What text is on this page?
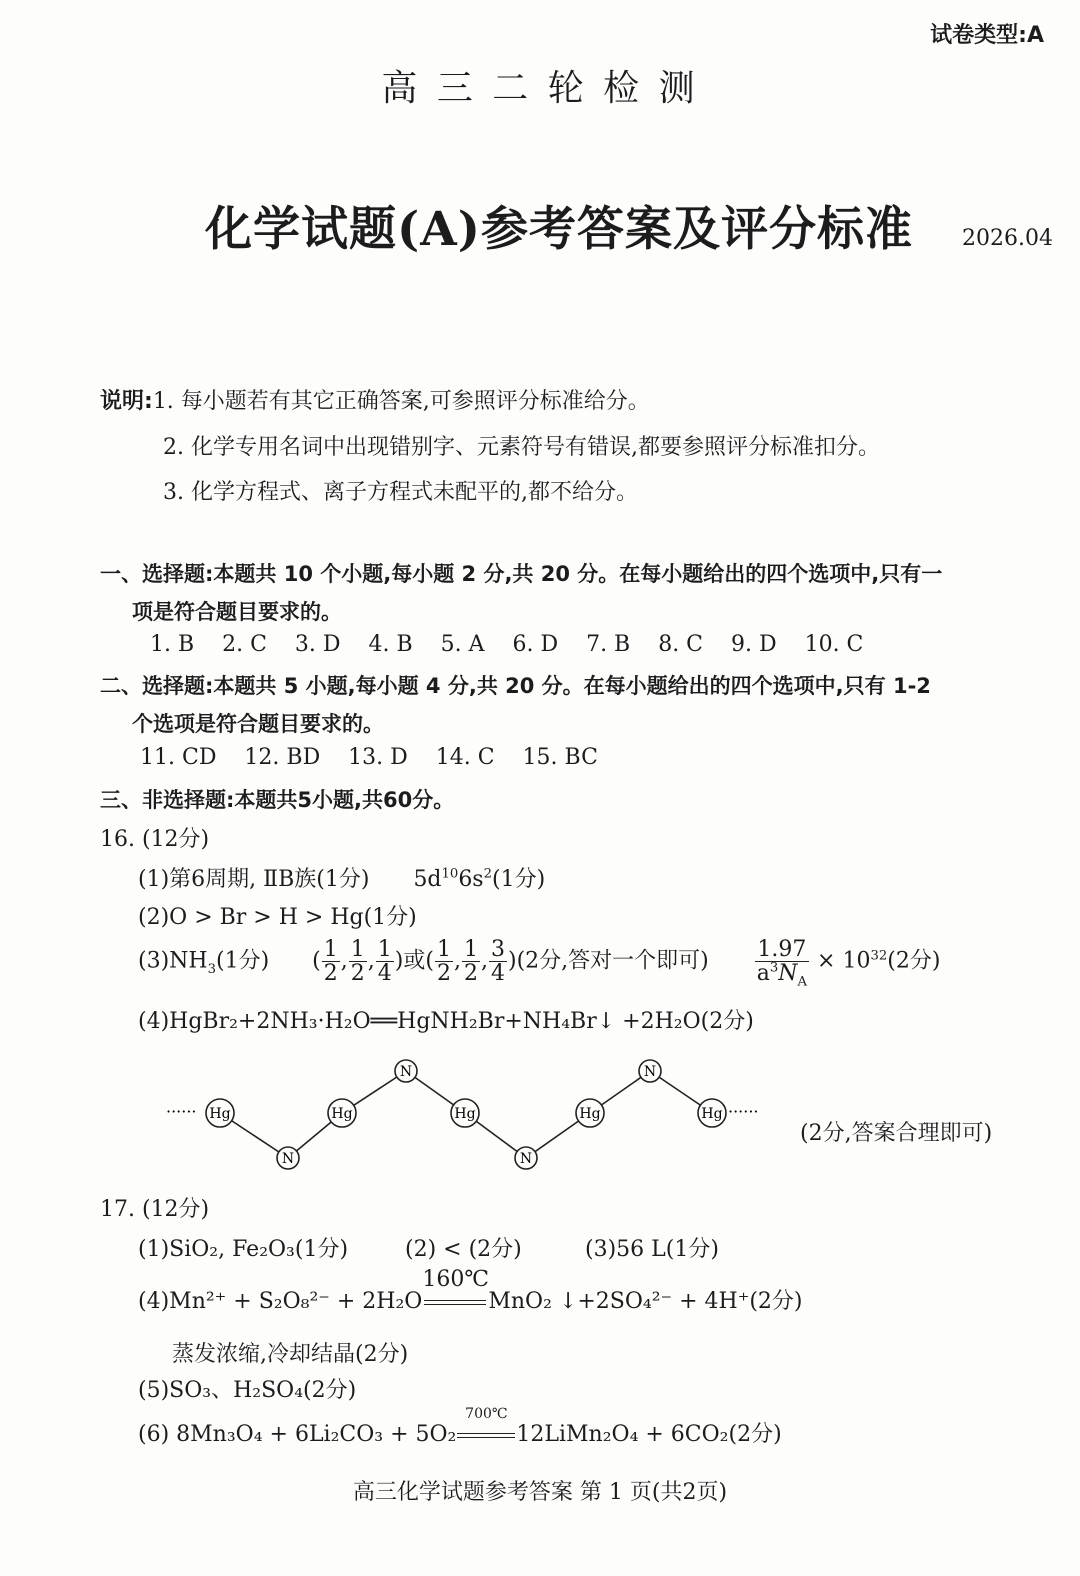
试卷类型:A
高 三 二 轮 检 测
化学试题(A)参考答案及评分标准 2026.04
说明:1. 每小题若有其它正确答案,可参照评分标准给分。
2. 化学专用名词中出现错别字、元素符号有错误,都要参照评分标准扣分。
3. 化学方程式、离子方程式未配平的,都不给分。
一、选择题:本题共 10 个小题,每小题 2 分,共 20 分。在每小题给出的四个选项中,只有一
项是符合题目要求的。
1. B    2. C    3. D    4. B    5. A    6. D    7. B    8. C    9. D    10. C
二、选择题:本题共 5 小题,每小题 4 分,共 20 分。在每小题给出的四个选项中,只有 1-2
个选项是符合题目要求的。
11. CD    12. BD    13. D    14. C    15. BC
三、非选择题:本题共5小题,共60分。
16. (12分)
(1)第6周期, ⅡB族(1分) $5d^{10}6s^2(1$分)
(2)O > Br > H > Hg(1分)
$(3)NH_3(1$分) ( $\frac{1}{2}$ , $\frac{1}{2}$ , $\frac{1}{4}$ )或( $\frac{1}{2}$ , $\frac{1}{2}$ , $\frac{3}{4} )(2$分,答对一个即可) $\frac{1.97}{a^3N_A} \times 10^{32}(2$分)
(4)HgBr₂+2NH₃·H₂O══HgNH₂Br+NH₄Br↓ +2H₂O(2分)
······	······
Hg
N
Hg
N
Hg
N
Hg
N
Hg
(2分,答案合理即可)
17. (12分)
(1)SiO₂, Fe₂O₃(1分)	(2) < (2分)	(3)56 L(1分)
(4)Mn²⁺ + S₂O₈²⁻ + 2H₂O
160℃
MnO₂ ↓+2SO₄²⁻ + 4H⁺(2分)
蒸发浓缩,冷却结晶(2分)
(5)SO₃、H₂SO₄(2分)
(6) 8Mn₃O₄ + 6Li₂CO₃ + 5O₂
700℃
12LiMn₂O₄ + 6CO₂(2分)
高三化学试题参考答案 第 1 页(共2页)
